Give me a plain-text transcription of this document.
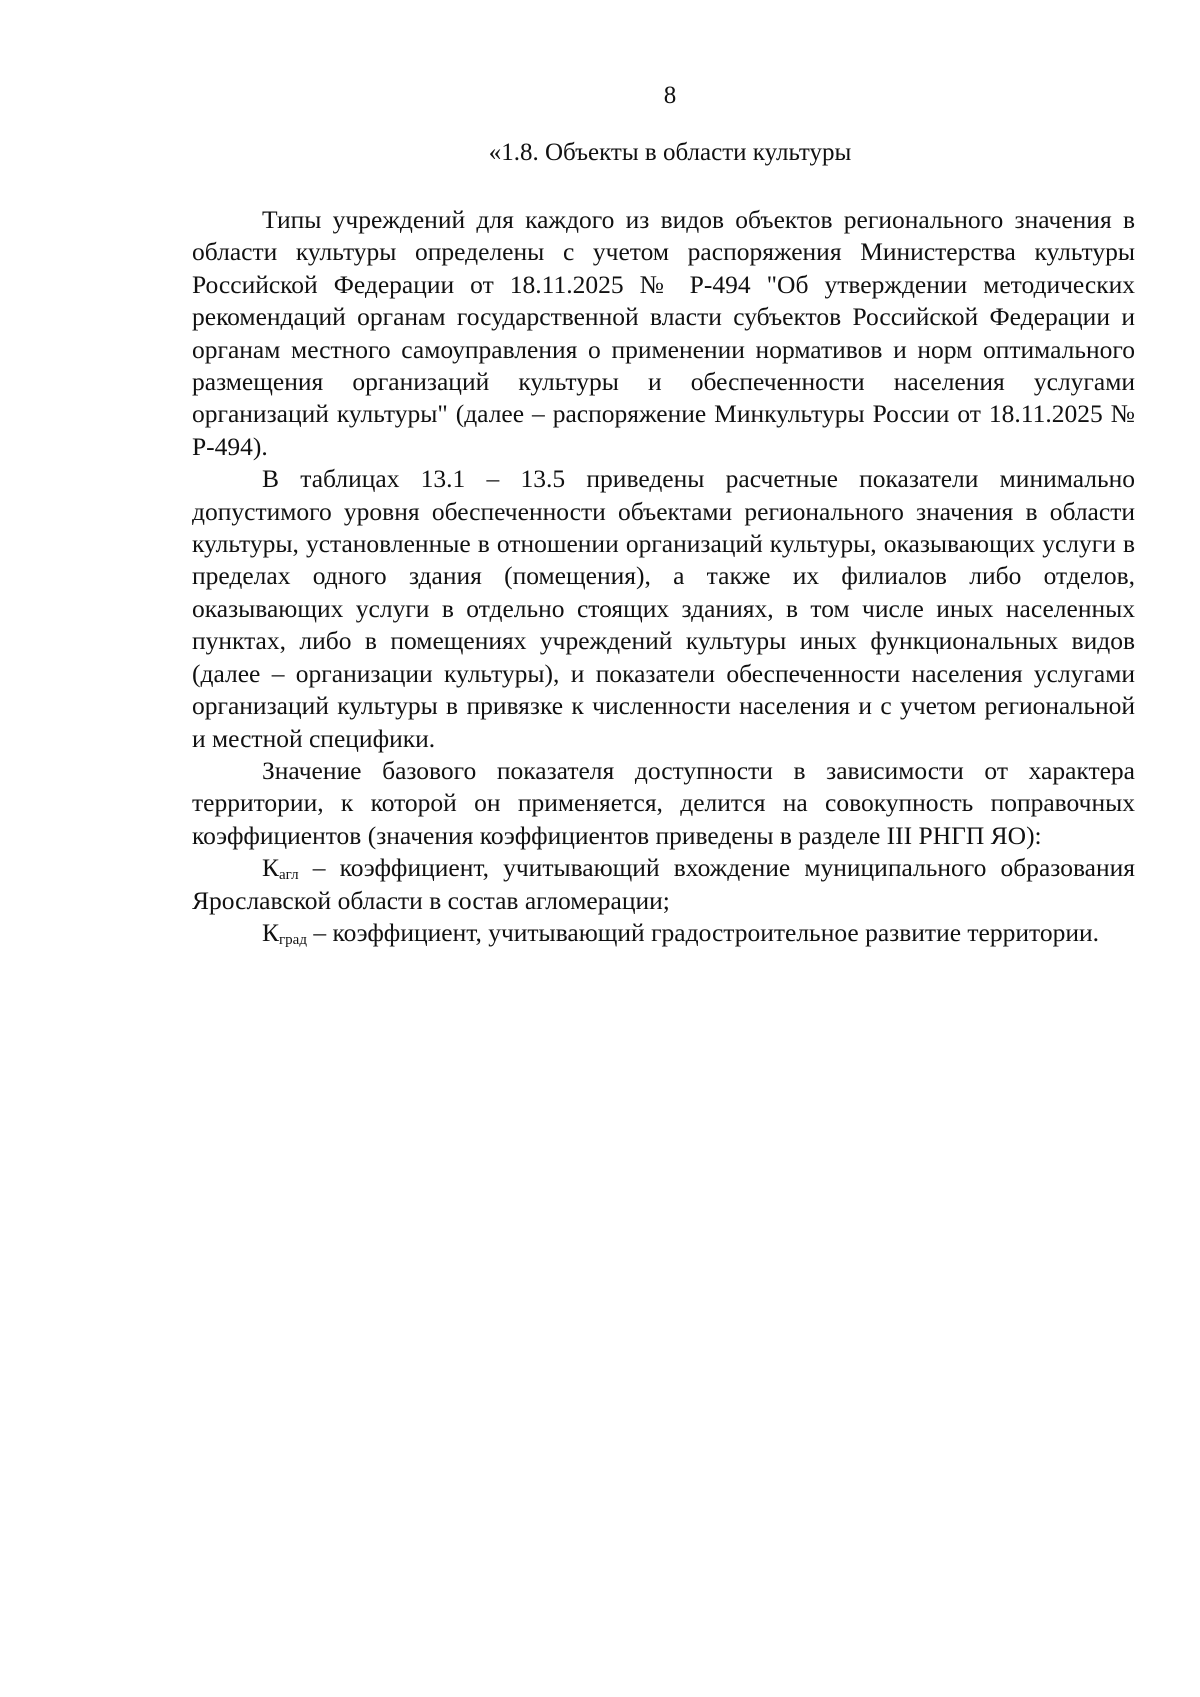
8
«1.8. Объекты в области культуры

Типы учреждений для каждого из видов объектов регионального значения в области культуры определены с учетом распоряжения Министерства культуры Российской Федерации от 18.11.2025 № Р-494 "Об утверждении методических рекомендаций органам государственной власти субъектов Российской Федерации и органам местного самоуправления о применении нормативов и норм оптимального размещения организаций культуры и обеспеченности населения услугами организаций культуры" (далее – распоряжение Минкультуры России от 18.11.2025 № Р-494).

В таблицах 13.1 – 13.5 приведены расчетные показатели минимально допустимого уровня обеспеченности объектами регионального значения в области культуры, установленные в отношении организаций культуры, оказывающих услуги в пределах одного здания (помещения), а также их филиалов либо отделов, оказывающих услуги в отдельно стоящих зданиях, в том числе иных населенных пунктах, либо в помещениях учреждений культуры иных функциональных видов (далее – организации культуры), и показатели обеспеченности населения услугами организаций культуры в привязке к численности населения и с учетом региональной и местной специфики.

Значение базового показателя доступности в зависимости от характера территории, к которой он применяется, делится на совокупность поправочных коэффициентов (значения коэффициентов приведены в разделе III РНГП ЯО):

$К_{агл}$ – коэффициент, учитывающий вхождение муниципального образования Ярославской области в состав агломерации;

$К_{град}$ – коэффициент, учитывающий градостроительное развитие территории.
